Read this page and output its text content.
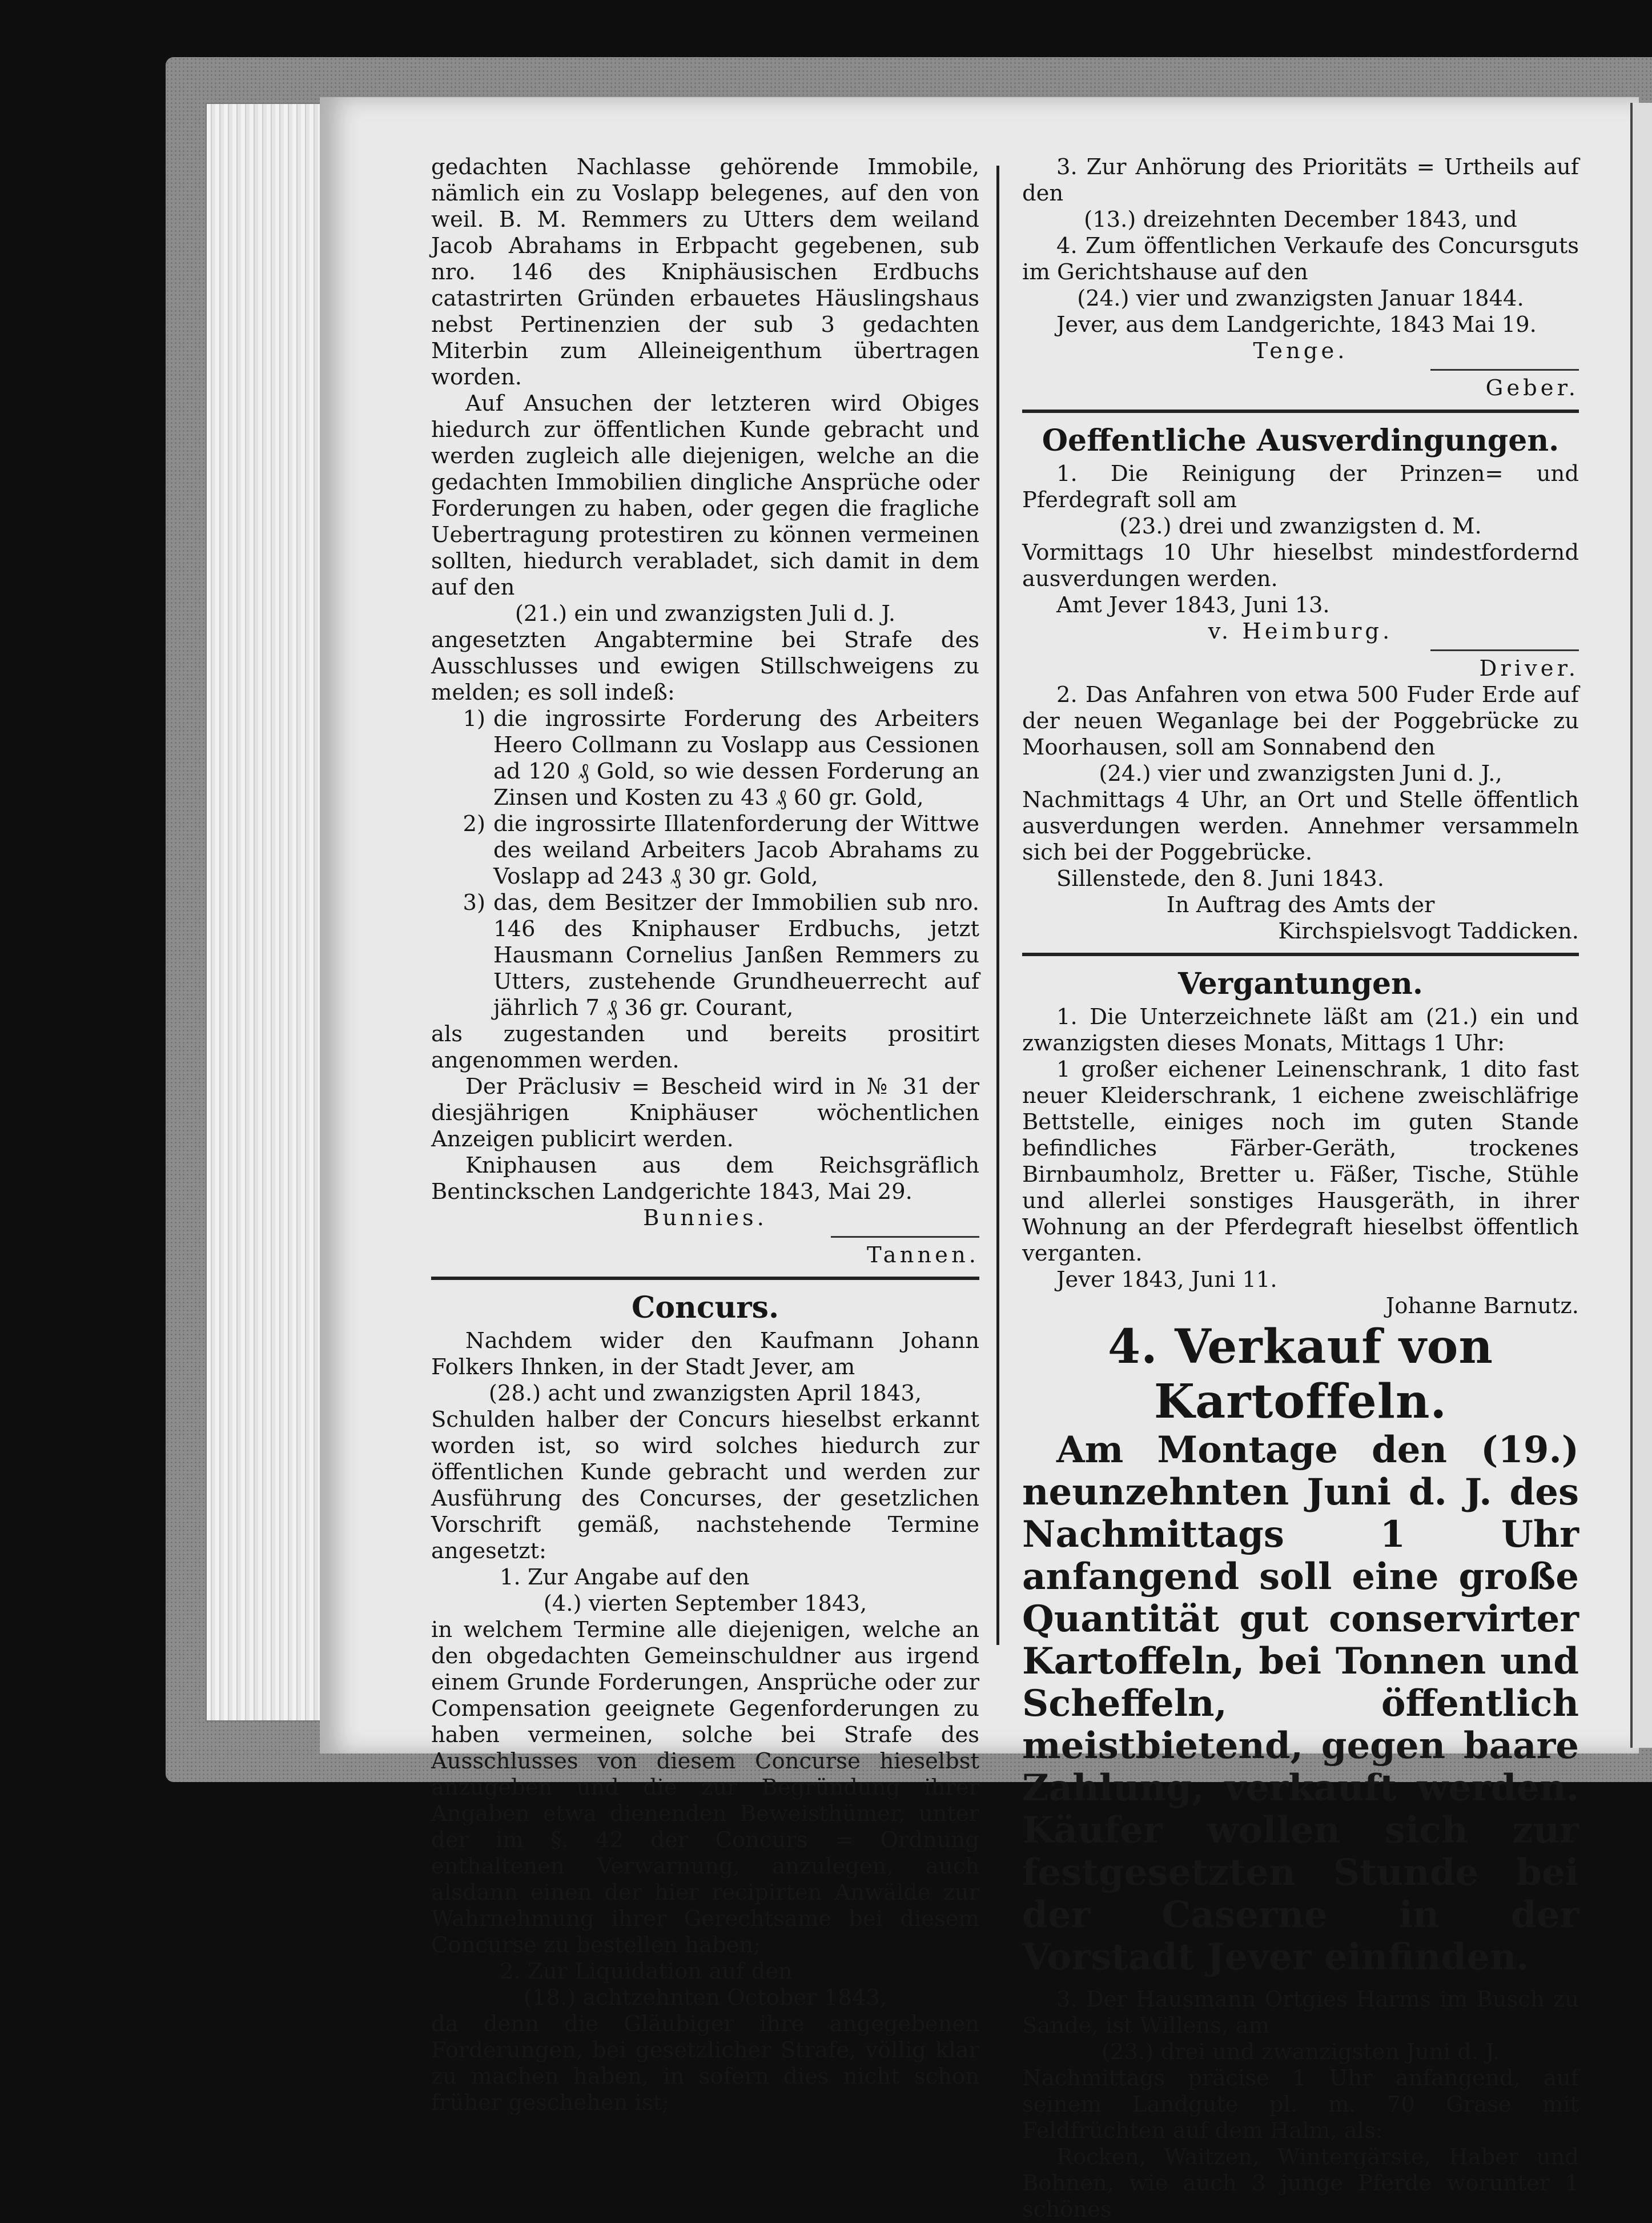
gedachten Nachlasse gehörende Immobile, nämlich ein zu Voslapp belegenes, auf den von weil. B. M. Remmers zu Utters dem weiland Jacob Abrahams in Erbpacht gegebenen, sub nro. 146 des Kniphäusischen Erdbuchs catastrirten Gründen erbauetes Häuslingshaus nebst Pertinenzien der sub 3 gedachten Miterbin zum Alleineigenthum übertragen worden.

Auf Ansuchen der letzteren wird Obiges hiedurch zur öffentlichen Kunde gebracht und werden zugleich alle diejenigen, welche an die gedachten Immobilien dingliche Ansprüche oder Forderungen zu haben, oder gegen die fragliche Uebertragung protestiren zu können vermeinen sollten, hiedurch verabladet, sich damit in dem auf den

(21.) ein und zwanzigsten Juli d. J.

angesetzten Angabtermine bei Strafe des Ausschlusses und ewigen Stillschweigens zu melden; es soll indeß:

1) die ingrossirte Forderung des Arbeiters Heero Collmann zu Voslapp aus Cessionen ad 120 ₰ Gold, so wie dessen Forderung an Zinsen und Kosten zu 43 ₰ 60 gr. Gold,
2) die ingrossirte Illatenforderung der Wittwe des weiland Arbeiters Jacob Abrahams zu Voslapp ad 243 ₰ 30 gr. Gold,
3) das, dem Besitzer der Immobilien sub nro. 146 des Kniphauser Erdbuchs, jetzt Hausmann Cornelius Janßen Remmers zu Utters, zustehende Grundheuerrecht auf jährlich 7 ₰ 36 gr. Courant,

als zugestanden und bereits prositirt angenommen werden.

Der Präclusiv = Bescheid wird in № 31 der diesjährigen Kniphäuser wöchentlichen Anzeigen publicirt werden.

Kniphausen aus dem Reichsgräflich Bentinckschen Landgerichte 1843, Mai 29.

Bunnies.

Tannen.

Concurs.

Nachdem wider den Kaufmann Johann Folkers Ihnken, in der Stadt Jever, am

(28.) acht und zwanzigsten April 1843,

Schulden halber der Concurs hieselbst erkannt worden ist, so wird solches hiedurch zur öffentlichen Kunde gebracht und werden zur Ausführung des Concurses, der gesetzlichen Vorschrift gemäß, nachstehende Termine angesetzt:

1. Zur Angabe auf den

(4.) vierten September 1843,

in welchem Termine alle diejenigen, welche an den obgedachten Gemeinschuldner aus irgend einem Grunde Forderungen, Ansprüche oder zur Compensation geeignete Gegenforderungen zu haben vermeinen, solche bei Strafe des Ausschlusses von diesem Concurse hieselbst anzugeben und die zur Begründung ihrer Angaben etwa dienenden Beweisthümer, unter der im §. 42 der Concurs = Ordnung enthaltenen Verwarnung, anzulegen, auch alsdann einen der hier recipirten Anwälde zur Wahrnehmung ihrer Gerechtsame bei diesem Concurse zu bestellen haben;

2. Zur Liquidation auf den

(18.) achtzehnten October 1843,

da denn die Gläubiger ihre angegebenen Forderungen, bei gesetzlicher Strafe, völlig klar zu machen haben, in sofern dies nicht schon früher geschehen ist;

3. Zur Anhörung des Prioritäts = Urtheils auf den

(13.) dreizehnten December 1843, und

4. Zum öffentlichen Verkaufe des Concursguts im Gerichtshause auf den

(24.) vier und zwanzigsten Januar 1844.

Jever, aus dem Landgerichte, 1843 Mai 19.

Tenge.

Geber.

Oeffentliche Ausverdingungen.

1. Die Reinigung der Prinzen= und Pferdegraft soll am

(23.) drei und zwanzigsten d. M.

Vormittags 10 Uhr hieselbst mindestfordernd ausverdungen werden.

Amt Jever 1843, Juni 13.

v. Heimburg.

Driver.

2. Das Anfahren von etwa 500 Fuder Erde auf der neuen Weganlage bei der Poggebrücke zu Moorhausen, soll am Sonnabend den

(24.) vier und zwanzigsten Juni d. J.,

Nachmittags 4 Uhr, an Ort und Stelle öffentlich ausverdungen werden. Annehmer versammeln sich bei der Poggebrücke.

Sillenstede, den 8. Juni 1843.

In Auftrag des Amts der

Kirchspielsvogt Taddicken.

Vergantungen.

1. Die Unterzeichnete läßt am (21.) ein und zwanzigsten dieses Monats, Mittags 1 Uhr:

1 großer eichener Leinenschrank, 1 dito fast neuer Kleiderschrank, 1 eichene zweischläfrige Bettstelle, einiges noch im guten Stande befindliches Färber-Geräth, trockenes Birnbaumholz, Bretter u. Fäßer, Tische, Stühle und allerlei sonstiges Hausgeräth, in ihrer Wohnung an der Pferdegraft hieselbst öffentlich verganten.

Jever 1843, Juni 11.

Johanne Barnutz.

4. Verkauf von Kartoffeln.

Am Montage den (19.) neunzehnten Juni d. J. des Nachmittags 1 Uhr anfangend soll eine große Quantität gut conservirter Kartoffeln, bei Tonnen und Scheffeln, öffentlich meistbietend, gegen baare Zahlung, verkauft werden. Käufer wollen sich zur festgesetzten Stunde bei der Caserne in der Vorstadt Jever einfinden.

3. Der Hausmann Ortgies Harms im Busch zu Sande, ist Willens, am

(23.) drei und zwanzigsten Juni d. J.

Nachmittags präcise 1 Uhr anfangend, auf seinem Landgute pl. m. 70 Grase mit Feldfrüchten auf dem Halm, als:

Rocken, Waitzen, Wintergärste, Haber und Bohnen, wie auch 3 junge Pferde worunter 1 schönes
